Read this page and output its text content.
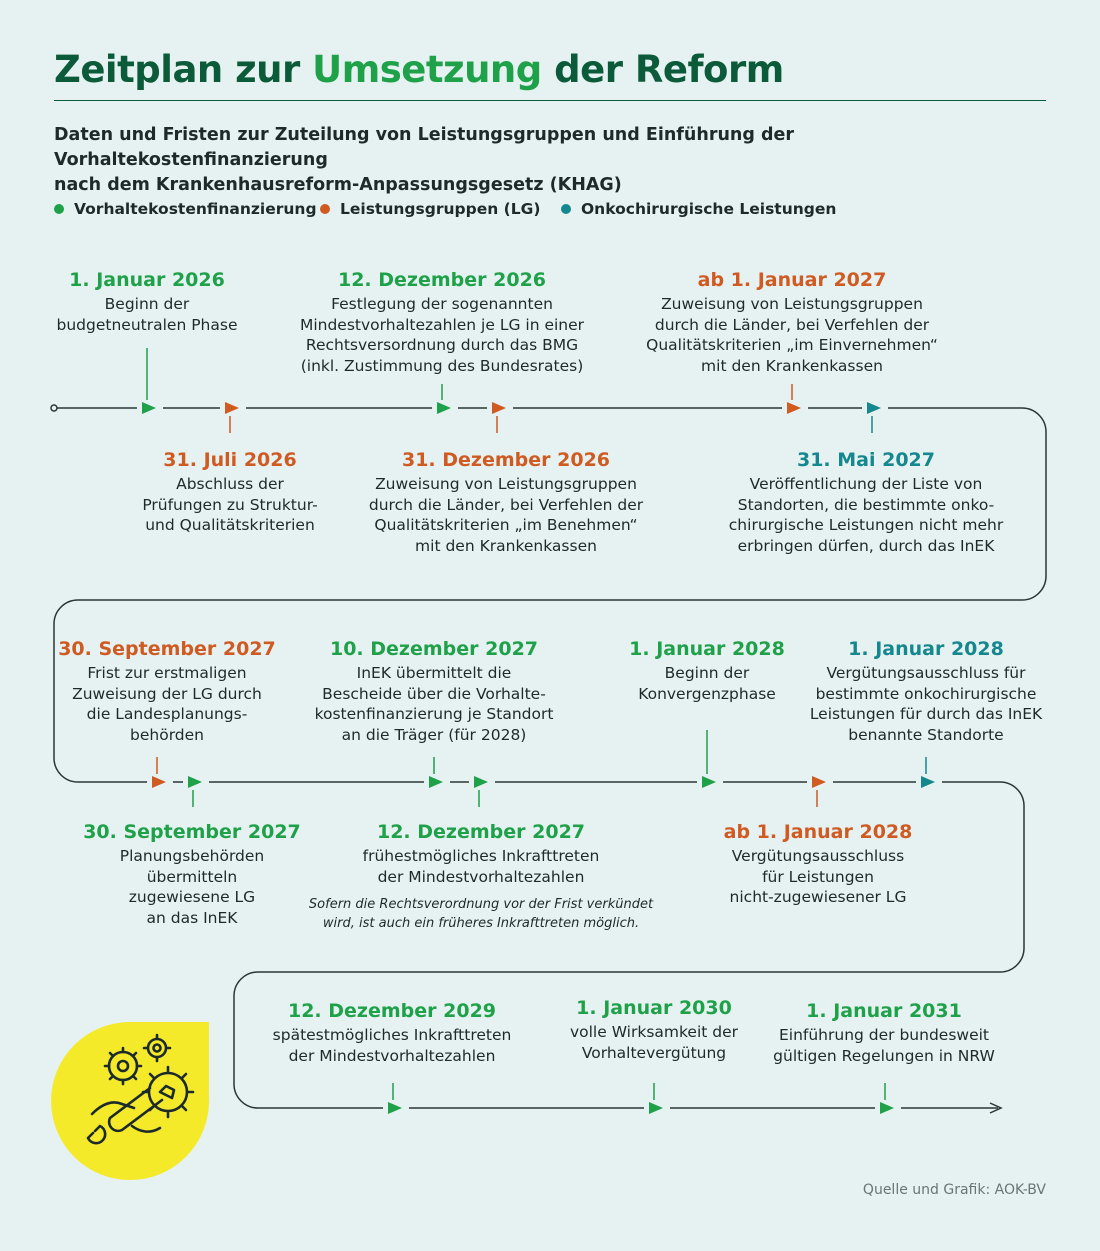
Zeitplan zur Umsetzung der Reform
Daten und Fristen zur Zuteilung von Leistungsgruppen und Einführung der Vorhaltekostenfinanzierung
nach dem Krankenhausreform-Anpassungsgesetz (KHAG)
Vorhaltekostenfinanzierung Leistungsgruppen (LG)	Onkochirurgische Leistungen
1. Januar 2026
Beginn der
budgetneutralen Phase
12. Dezember 2026
Festlegung der sogenannten
Mindestvorhaltezahlen je LG in einer
Rechtsversordnung durch das BMG
(inkl. Zustimmung des Bundesrates)
ab 1. Januar 2027
Zuweisung von Leistungsgruppen
durch die Länder, bei Verfehlen der
Qualitätskriterien „im Einvernehmen“
mit den Krankenkassen
31. Juli 2026
Abschluss der
Prüfungen zu Struktur-
und Qualitätskriterien
31. Dezember 2026
Zuweisung von Leistungsgruppen
durch die Länder, bei Verfehlen der
Qualitätskriterien „im Benehmen“
mit den Krankenkassen
31. Mai 2027
Veröffentlichung der Liste von
Standorten, die bestimmte onko-
chirurgische Leistungen nicht mehr
erbringen dürfen, durch das InEK
30. September 2027
Frist zur erstmaligen
Zuweisung der LG durch
die Landesplanungs-
behörden
10. Dezember 2027
InEK übermittelt die
Bescheide über die Vorhalte-
kostenfinanzierung je Standort
an die Träger (für 2028)
1. Januar 2028
Beginn der
Konvergenzphase
1. Januar 2028
Vergütungsausschluss für
bestimmte onkochirurgische
Leistungen für durch das InEK
benannte Standorte
30. September 2027
Planungsbehörden
übermitteln
zugewiesene LG
an das InEK
12. Dezember 2027
frühestmögliches Inkrafttreten
der Mindestvorhaltezahlen
Sofern die Rechtsverordnung vor der Frist verkündet
wird, ist auch ein früheres Inkrafttreten möglich.
ab 1. Januar 2028
Vergütungsausschluss
für Leistungen
nicht-zugewiesener LG
12. Dezember 2029
spätestmögliches Inkrafttreten
der Mindestvorhaltezahlen
1. Januar 2030
volle Wirksamkeit der
Vorhaltevergütung
1. Januar 2031
Einführung der bundesweit
gültigen Regelungen in NRW
Quelle und Grafik: AOK-BV
